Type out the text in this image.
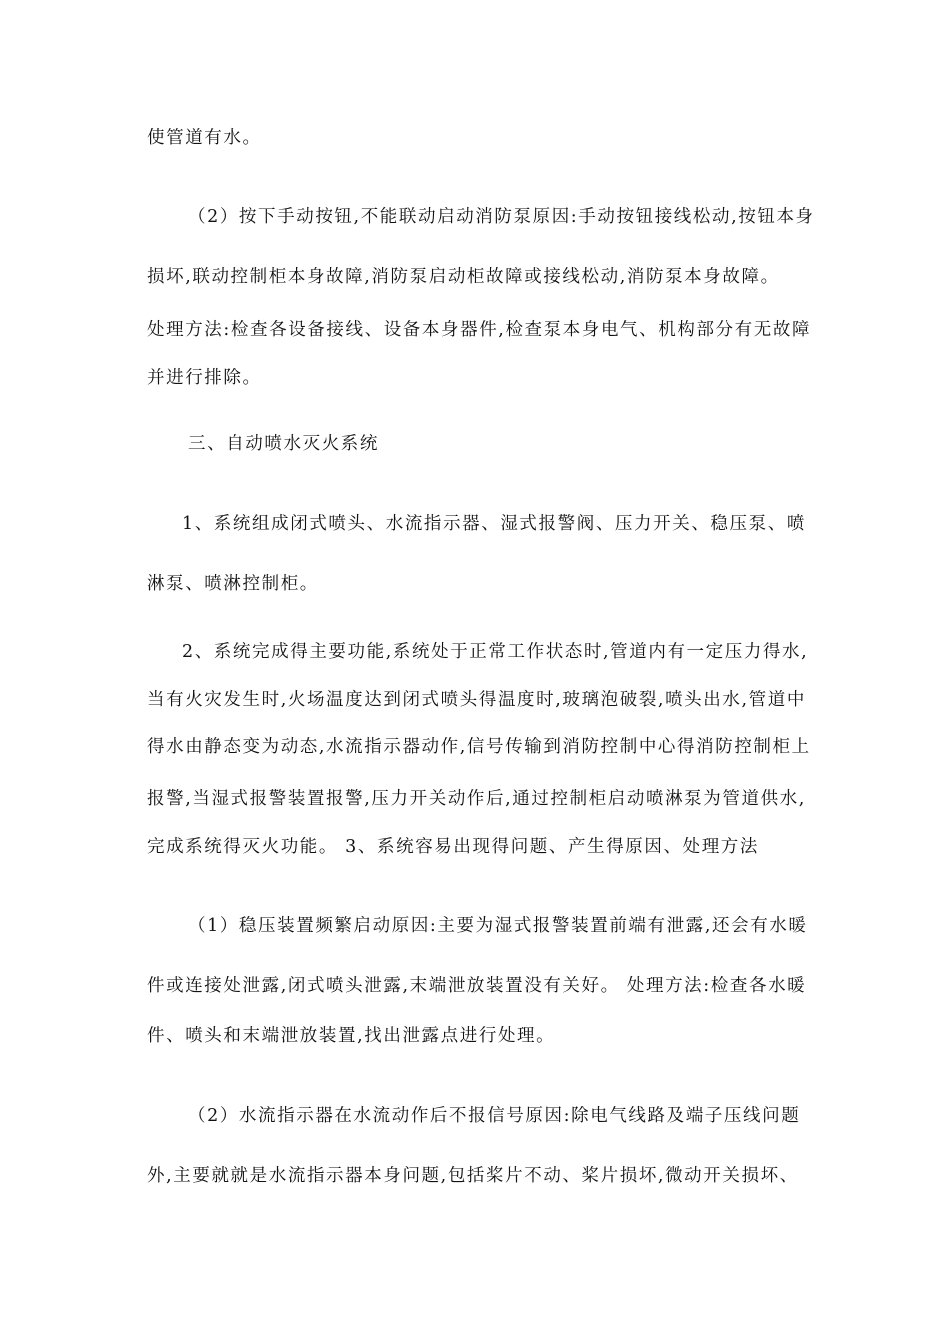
使管道有水。
（2）按下手动按钮,不能联动启动消防泵原因:手动按钮接线松动,按钮本身
损坏,联动控制柜本身故障,消防泵启动柜故障或接线松动,消防泵本身故障。
处理方法:检查各设备接线、设备本身器件,检查泵本身电气、机构部分有无故障
并进行排除。
三、自动喷水灭火系统
1、系统组成闭式喷头、水流指示器、湿式报警阀、压力开关、稳压泵、喷
淋泵、喷淋控制柜。
2、系统完成得主要功能,系统处于正常工作状态时,管道内有一定压力得水,
当有火灾发生时,火场温度达到闭式喷头得温度时,玻璃泡破裂,喷头出水,管道中
得水由静态变为动态,水流指示器动作,信号传输到消防控制中心得消防控制柜上
报警,当湿式报警装置报警,压力开关动作后,通过控制柜启动喷淋泵为管道供水,
完成系统得灭火功能。 3、系统容易出现得问题、产生得原因、处理方法
（1）稳压装置频繁启动原因:主要为湿式报警装置前端有泄露,还会有水暖
件或连接处泄露,闭式喷头泄露,末端泄放装置没有关好。 处理方法:检查各水暖
件、喷头和末端泄放装置,找出泄露点进行处理。
（2）水流指示器在水流动作后不报信号原因:除电气线路及端子压线问题
外,主要就就是水流指示器本身问题,包括桨片不动、桨片损坏,微动开关损坏、
